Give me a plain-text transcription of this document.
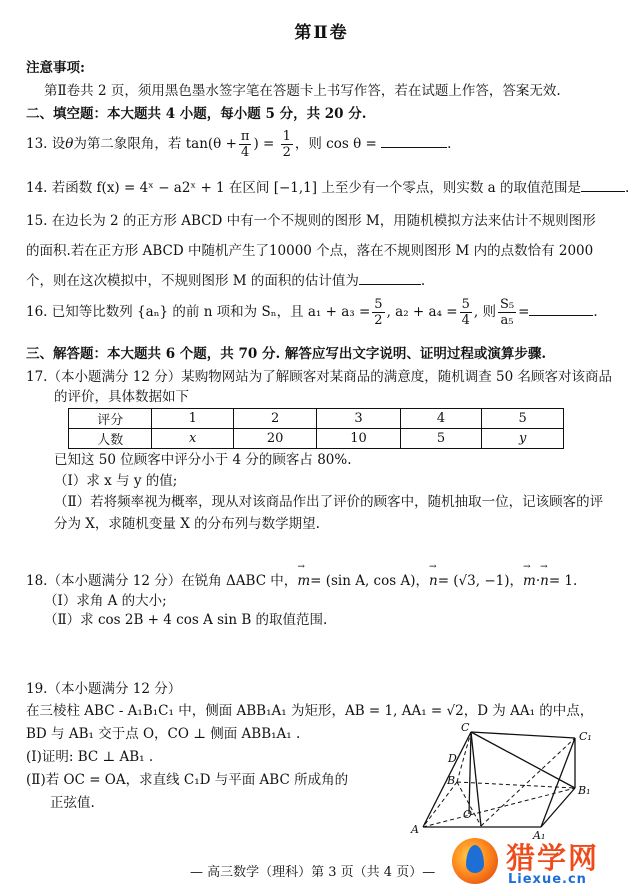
第Ⅱ卷
注意事项:
第Ⅱ卷共 2 页，须用黑色墨水签字笔在答题卡上书写作答，若在试题上作答，答案无效.
二、填空题：本大题共 4 小题，每小题 5 分，共 20 分.
13. 设θ为第二象限角，若 $\tan(\theta + \frac{\pi}{4}$ ) = $\frac{1}{2}$ ，则 cos θ =	.
14. 若函数 f(x) = 4ˣ − a2ˣ + 1 在区间 [−1,1] 上至少有一个零点，则实数 a 的取值范围是	.
15. 在边长为 2 的正方形 ABCD 中有一个不规则的图形 M，用随机模拟方法来估计不规则图形
的面积.若在正方形 ABCD 中随机产生了10000 个点，落在不规则图形 M 内的点数恰有 2000
个，则在这次模拟中，不规则图形 M 的面积的估计值为	.
16. 已知等比数列 {aₙ} 的前 n 项和为 Sₙ，且 $a_1 + a_3 = \frac{5}{2}$ , $a_2 + a_4 = \frac{5}{4}$ , 则 $\frac{\text{S₅}}{\text{a₅}}$ =	.
三、解答题：本大题共 6 个题，共 70 分. 解答应写出文字说明、证明过程或演算步骤.
17.（本小题满分 12 分）某购物网站为了解顾客对某商品的满意度，随机调查 50 名顾客对该商品
的评价，具体数据如下
评分	1	2	3	4	5
人数	x	20	10	5	y
已知这 50 位顾客中评分小于 4 分的顾客占 80%.
（Ⅰ）求 x 与 y 的值;
（Ⅱ）若将频率视为概率，现从对该商品作出了评价的顾客中，随机抽取一位，记该顾客的评
分为 X，求随机变量 X 的分布列与数学期望.
18.（本小题满分 12 分）在锐角 ΔABC 中，→ m= (sin A, cos A)，→ n= (√3, −1)，→ m·→ n= 1.
（Ⅰ）求角 A 的大小;
（Ⅱ）求 cos 2B + 4 cos A sin B 的取值范围.
19.（本小题满分 12 分）
在三棱柱 ABC - A₁B₁C₁ 中，侧面 ABB₁A₁ 为矩形，AB = 1, AA₁ = √2，D 为 AA₁ 的中点，
BD 与 AB₁ 交于点 O，CO ⊥ 侧面 ABB₁A₁ .
(Ⅰ)证明: BC ⊥ AB₁ .
(Ⅱ)若 OC = OA，求直线 C₁D 与平面 ABC 所成角的
正弦值.
C
C₁
B
B₁
D
O
A	A₁
— 高三数学（理科）第 3 页（共 4 页）— 猎学网
Liexue.cn
